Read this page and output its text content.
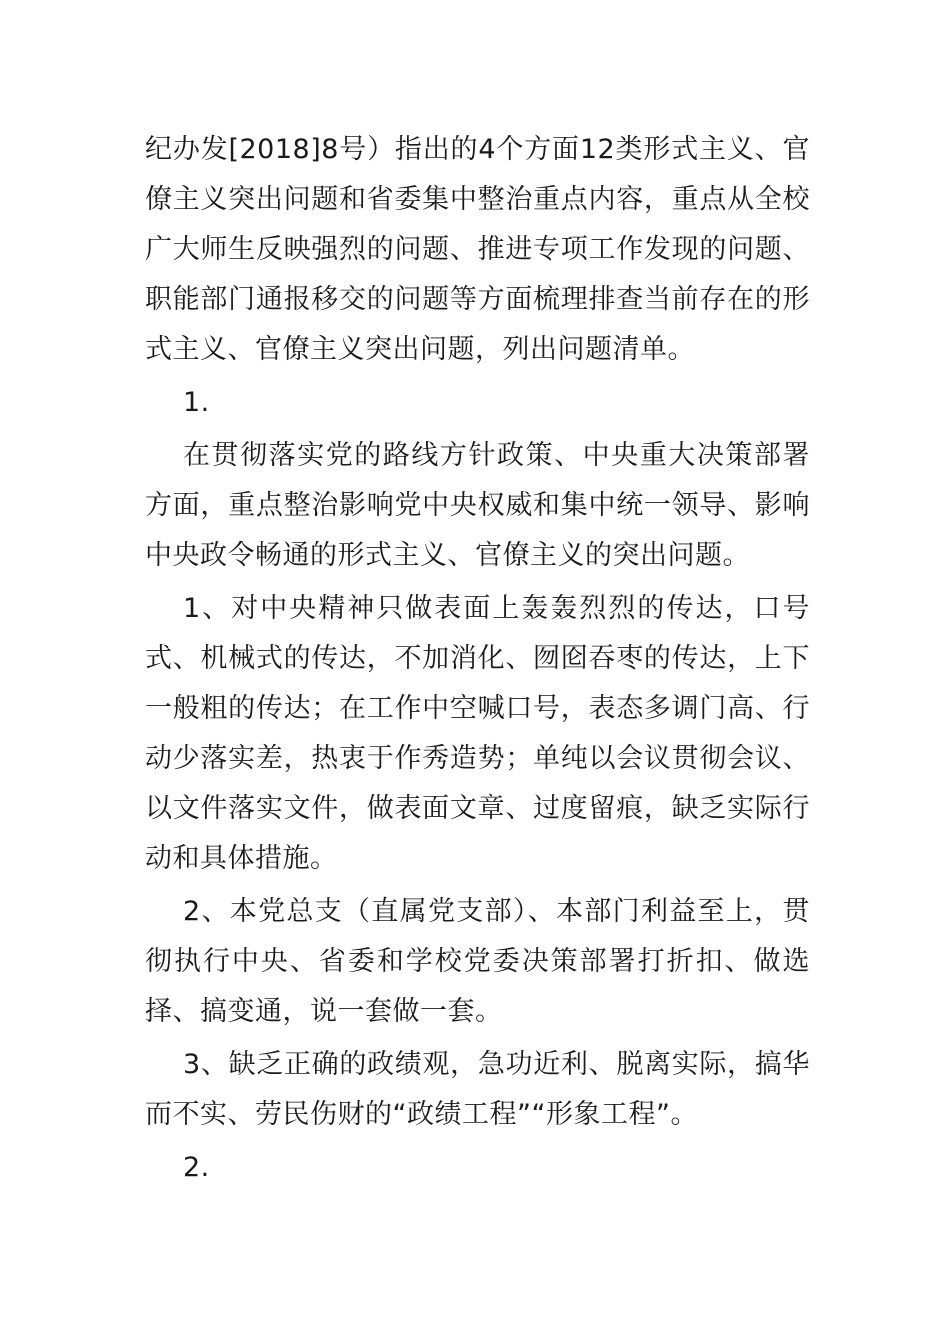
纪办发[2018]8号）指出的4个方面12类形式主义、官僚主义突出问题和省委集中整治重点内容，重点从全校广大师生反映强烈的问题、推进专项工作发现的问题、职能部门通报移交的问题等方面梳理排查当前存在的形式主义、官僚主义突出问题，列出问题清单。

1.

在贯彻落实党的路线方针政策、中央重大决策部署方面，重点整治影响党中央权威和集中统一领导、影响中央政令畅通的形式主义、官僚主义的突出问题。

1、对中央精神只做表面上轰轰烈烈的传达，口号式、机械式的传达，不加消化、囫囵吞枣的传达，上下一般粗的传达；在工作中空喊口号，表态多调门高、行动少落实差，热衷于作秀造势；单纯以会议贯彻会议、以文件落实文件，做表面文章、过度留痕，缺乏实际行动和具体措施。

2、本党总支（直属党支部）、本部门利益至上，贯彻执行中央、省委和学校党委决策部署打折扣、做选择、搞变通，说一套做一套。

3、缺乏正确的政绩观，急功近利、脱离实际，搞华而不实、劳民伤财的“政绩工程”“形象工程”。

2.
